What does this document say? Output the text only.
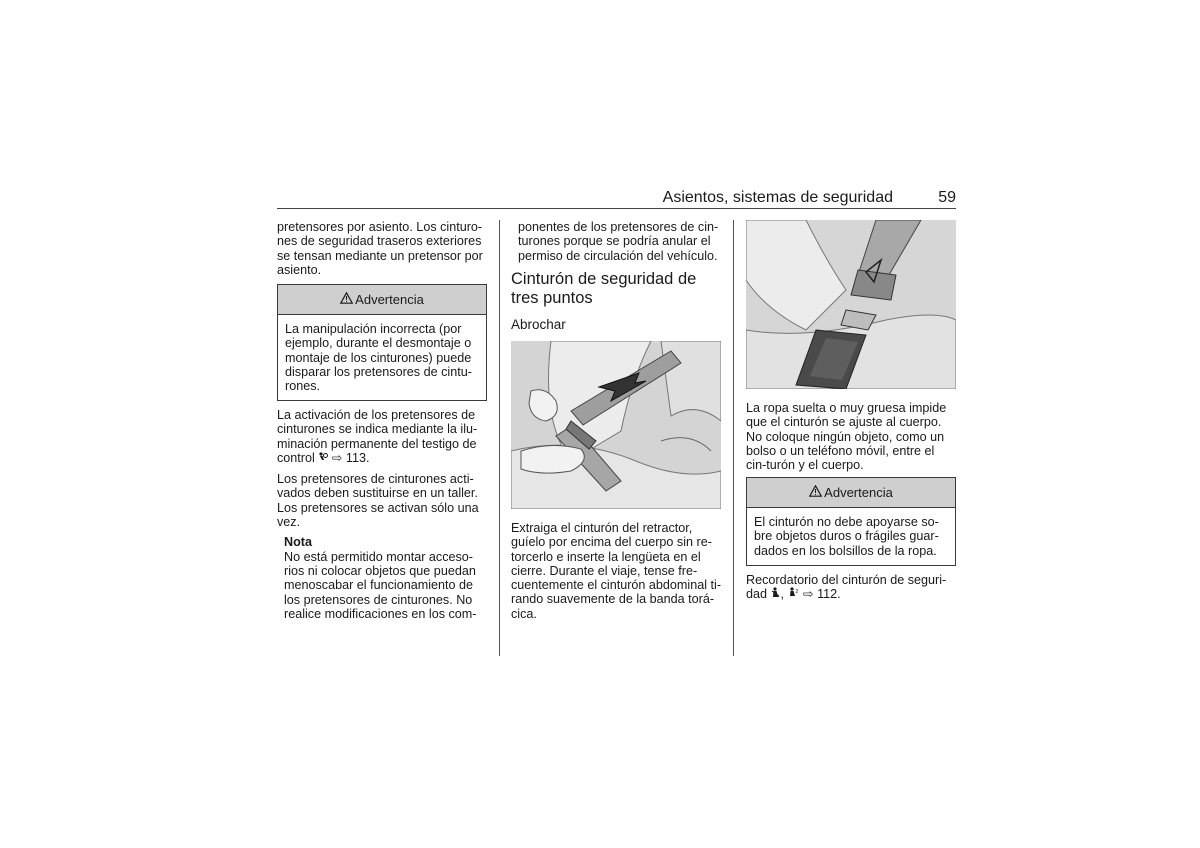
Asientos, sistemas de seguridad	59

pretensores por asiento. Los cinturo-nes de seguridad traseros exteriores se tensan mediante un pretensor por asiento.

Advertencia
La manipulación incorrecta (por ejemplo, durante el desmontaje o montaje de los cinturones) puede disparar los pretensores de cintu-rones.

La activación de los pretensores de cinturones se indica mediante la ilu-minación permanente del testigo de control ⇨ 113.

Los pretensores de cinturones acti-vados deben sustituirse en un taller. Los pretensores se activan sólo una vez.

Nota

No está permitido montar acceso-rios ni colocar objetos que puedan menoscabar el funcionamiento de los pretensores de cinturones. No realice modificaciones en los com-

ponentes de los pretensores de cin-turones porque se podría anular el permiso de circulación del vehículo.

Cinturón de seguridad de tres puntos
Abrochar

Extraiga el cinturón del retractor, guíelo por encima del cuerpo sin re-torcerlo e inserte la lengüeta en el cierre. Durante el viaje, tense fre-cuentemente el cinturón abdominal ti-rando suavemente de la banda torá-cica.

La ropa suelta o muy gruesa impide que el cinturón se ajuste al cuerpo. No coloque ningún objeto, como un bolso o un teléfono móvil, entre el cin-turón y el cuerpo.

Advertencia
El cinturón no debe apoyarse so-bre objetos duros o frágiles guar-dados en los bolsillos de la ropa.

Recordatorio del cinturón de seguri-dad , 2 ⇨ 112.
